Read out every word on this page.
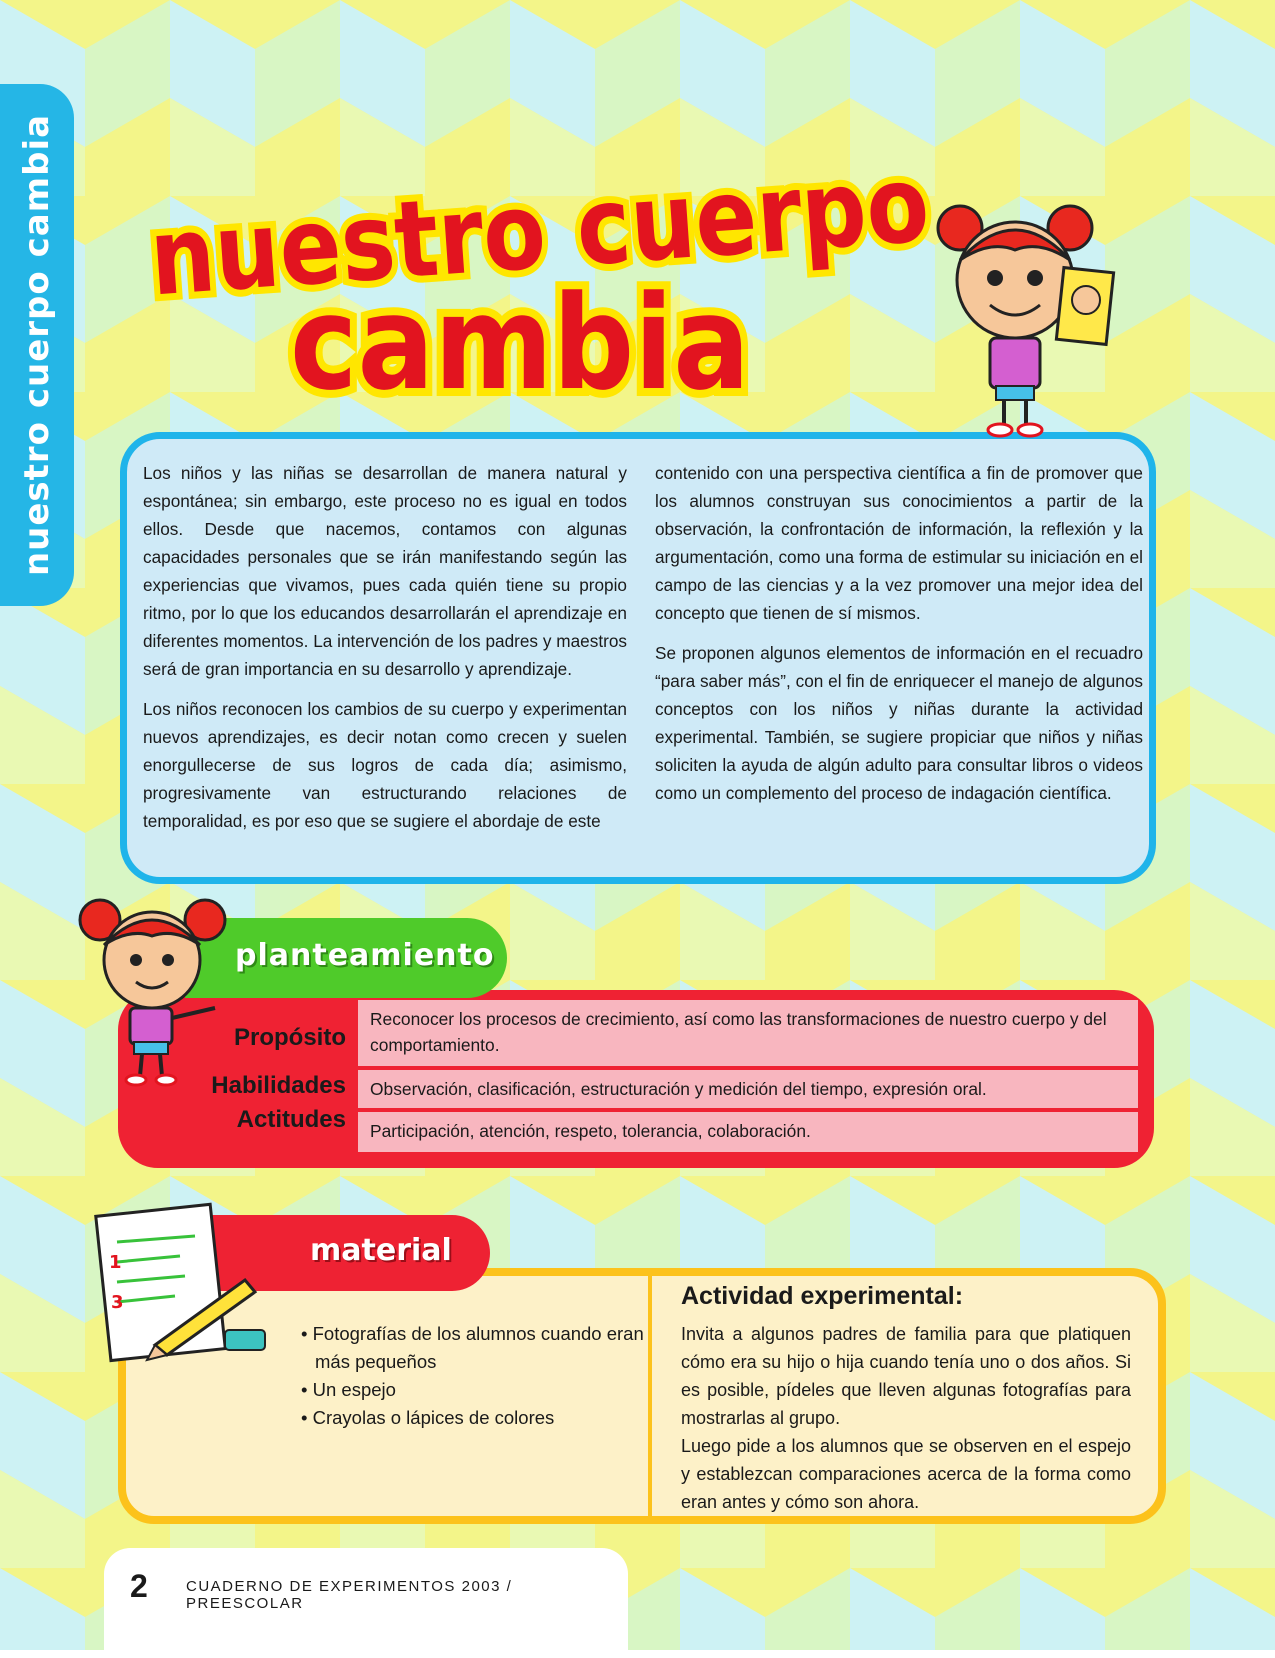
nuestro cuerpo cambia nuestro cuerpo
cambia

Los niños y las niñas se desarrollan de manera natural y espontánea; sin embargo, este proceso no es igual en todos ellos. Desde que nacemos, contamos con algunas capacidades personales que se irán manifestando según las experiencias que vivamos, pues cada quién tiene su propio ritmo, por lo que los educandos desarrollarán el aprendizaje en diferentes momentos. La intervención de los padres y maestros será de gran importancia en su desarrollo y aprendizaje.

Los niños reconocen los cambios de su cuerpo y experimentan nuevos aprendizajes, es decir notan como crecen y suelen enorgullecerse de sus logros de cada día; asimismo, progresivamente van estructurando relaciones de temporalidad, es por eso que se sugiere el abordaje de este

contenido con una perspectiva científica a fin de promover que los alumnos construyan sus conocimientos a partir de la observación, la confrontación de información, la reflexión y la argumentación, como una forma de estimular su iniciación en el campo de las ciencias y a la vez promover una mejor idea del concepto que tienen de sí mismos.

Se proponen algunos elementos de información en el recuadro “para saber más”, con el fin de enriquecer el manejo de algunos conceptos con los niños y niñas durante la actividad experimental. También, se sugiere propiciar que niños y niñas soliciten la ayuda de algún adulto para consultar libros o videos como un complemento del proceso de indagación científica.

planteamiento
Propósito
Habilidades
Actitudes
Reconocer los procesos de crecimiento, así como las transformaciones de nuestro cuerpo y del comportamiento.
Observación, clasificación, estructuración y medición del tiempo, expresión oral.
Participación, atención, respeto, tolerancia, colaboración.
material
1
3
• Fotografías de los alumnos cuando eran más pequeños
• Un espejo
• Crayolas o lápices de colores
Actividad experimental:
Invita a algunos padres de familia para que platiquen cómo era su hijo o hija cuando tenía uno o dos años. Si es posible, pídeles que lleven algunas fotografías para mostrarlas al grupo.
Luego pide a los alumnos que se observen en el espejo y establezcan comparaciones acerca de la forma como eran antes y cómo son ahora.
2	CUADERNO DE EXPERIMENTOS 2003 / PREESCOLAR
